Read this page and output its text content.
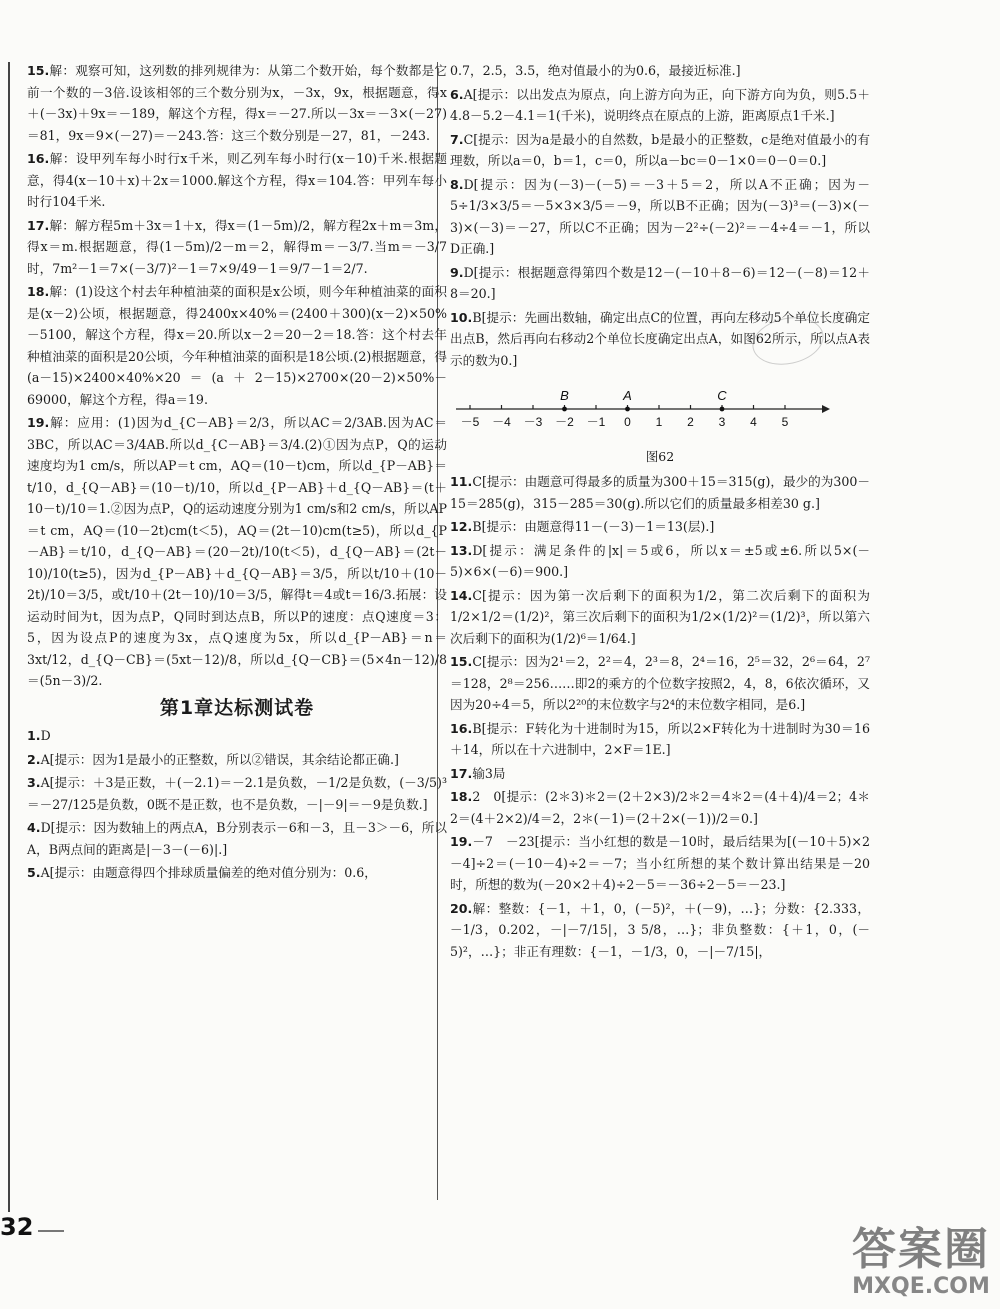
15.解：观察可知，这列数的排列规律为：从第二个数开始，每个数都是它前一个数的－3倍.设该相邻的三个数分别为x，－3x，9x，根据题意，得x＋(－3x)＋9x＝－189，解这个方程，得x＝－27.所以－3x＝－3×(－27)＝81，9x＝9×(－27)＝－243.答：这三个数分别是－27，81，－243.

16.解：设甲列车每小时行x千米，则乙列车每小时行(x－10)千米.根据题意，得4(x－10＋x)＋2x＝1000.解这个方程，得x＝104.答：甲列车每小时行104千米.

17.解：解方程5m＋3x＝1＋x，得x＝(1－5m)/2，解方程2x＋m＝3m，得x＝m.根据题意，得(1－5m)/2－m＝2，解得m＝－3/7.当m＝－3/7时，7m²－1＝7×(－3/7)²－1＝7×9/49－1＝9/7－1＝2/7.

18.解：(1)设这个村去年种植油菜的面积是x公顷，则今年种植油菜的面积是(x－2)公顷，根据题意，得2400x×40%＝(2400＋300)(x－2)×50%－5100，解这个方程，得x＝20.所以x－2＝20－2＝18.答：这个村去年种植油菜的面积是20公顷，今年种植油菜的面积是18公顷.(2)根据题意，得(a－15)×2400×40%×20＝(a＋2－15)×2700×(20－2)×50%－69000，解这个方程，得a＝19.

19.解：应用：(1)因为d_{C－AB}＝2/3，所以AC＝2/3AB.因为AC＝3BC，所以AC＝3/4AB.所以d_{C－AB}＝3/4.(2)①因为点P，Q的运动速度均为1 cm/s，所以AP＝t cm，AQ＝(10－t)cm，所以d_{P－AB}＝t/10，d_{Q－AB}＝(10－t)/10，所以d_{P－AB}＋d_{Q－AB}＝(t＋10－t)/10＝1.②因为点P，Q的运动速度分别为1 cm/s和2 cm/s，所以AP＝t cm，AQ＝(10－2t)cm(t＜5)，AQ＝(2t－10)cm(t≥5)，所以d_{P－AB}＝t/10，d_{Q－AB}＝(20－2t)/10(t＜5)，d_{Q－AB}＝(2t－10)/10(t≥5)，因为d_{P－AB}＋d_{Q－AB}＝3/5，所以t/10＋(10－2t)/10＝3/5，或t/10＋(2t－10)/10＝3/5，解得t＝4或t＝16/3.拓展：设运动时间为t，因为点P，Q同时到达点B，所以P的速度：点Q速度＝3：5，因为设点P的速度为3x，点Q速度为5x，所以d_{P－AB}＝n＝3xt/12，d_{Q－CB}＝(5xt－12)/8，所以d_{Q－CB}＝(5×4n－12)/8＝(5n－3)/2.

第1章达标测试卷

1.D

2.A[提示：因为1是最小的正整数，所以②错误，其余结论都正确.]

3.A[提示：＋3是正数，＋(－2.1)＝－2.1是负数，－1/2是负数，(－3/5)³＝－27/125是负数，0既不是正数，也不是负数，－|－9|＝－9是负数.]

4.D[提示：因为数轴上的两点A，B分别表示－6和－3，且－3＞－6，所以A，B两点间的距离是|－3－(－6)|.]

5.A[提示：由题意得四个排球质量偏差的绝对值分别为：0.6，

0.7，2.5，3.5，绝对值最小的为0.6，最接近标准.]

6.A[提示：以出发点为原点，向上游方向为正，向下游方向为负，则5.5＋4.8－5.2－4.1＝1(千米)，说明终点在原点的上游，距离原点1千米.]

7.C[提示：因为a是最小的自然数，b是最小的正整数，c是绝对值最小的有理数，所以a＝0，b＝1，c＝0，所以a－bc＝0－1×0＝0－0＝0.]

8.D[提示：因为(－3)－(－5)＝－3＋5＝2，所以A不正确；因为－5÷1/3×3/5＝－5×3×3/5＝－9，所以B不正确；因为(－3)³＝(－3)×(－3)×(－3)＝－27，所以C不正确；因为－2²÷(－2)²＝－4÷4＝－1，所以D正确.]

9.D[提示：根据题意得第四个数是12－(－10＋8－6)＝12－(－8)＝12＋8＝20.]

10.B[提示：先画出数轴，确定出点C的位置，再向左移动5个单位长度确定出点B，然后再向右移动2个单位长度确定出点A，如图62所示，所以点A表示的数为0.]

－5 －4 －3 －2 －1 0 1 2 3 4 5
B	A	C
图62

11.C[提示：由题意可得最多的质量为300＋15＝315(g)，最少的为300－15＝285(g)，315－285＝30(g).所以它们的质量最多相差30 g.]

12.B[提示：由题意得11－(－3)－1＝13(层).]

13.D[提示：满足条件的|x|＝5或6，所以x＝±5或±6.所以5×(－5)×6×(－6)＝900.]

14.C[提示：因为第一次后剩下的面积为1/2，第二次后剩下的面积为1/2×1/2＝(1/2)²，第三次后剩下的面积为1/2×(1/2)²＝(1/2)³，所以第六次后剩下的面积为(1/2)⁶＝1/64.]

15.C[提示：因为2¹＝2，2²＝4，2³＝8，2⁴＝16，2⁵＝32，2⁶＝64，2⁷＝128，2⁸＝256……即2的乘方的个位数字按照2，4，8，6依次循环，又因为20÷4＝5，所以2²⁰的末位数字与2⁴的末位数字相同，是6.]

16.B[提示：F转化为十进制时为15，所以2×F转化为十进制时为30＝16＋14，所以在十六进制中，2×F＝1E.]

17.输3局

18.2　0[提示：(2＊3)＊2＝(2＋2×3)/2＊2＝4＊2＝(4＋4)/4＝2；4＊2＝(4＋2×2)/4＝2，2＊(－1)＝(2＋2×(－1))/2＝0.]

19.－7　－23[提示：当小红想的数是－10时，最后结果为[(－10＋5)×2－4]÷2＝(－10－4)÷2＝－7；当小红所想的某个数计算出结果是－20时，所想的数为(－20×2＋4)÷2－5＝－36÷2－5＝－23.]

20.解：整数：{－1，＋1，0，(－5)²，＋(－9)，…}；分数：{2.333，－1/3，0.202，－|－7/15|，3 5/8，…}；非负整数：{＋1，0，(－5)²，…}；非正有理数：{－1，－1/3，0，－|－7/15|，

32	答案圈
MXQE.COM
